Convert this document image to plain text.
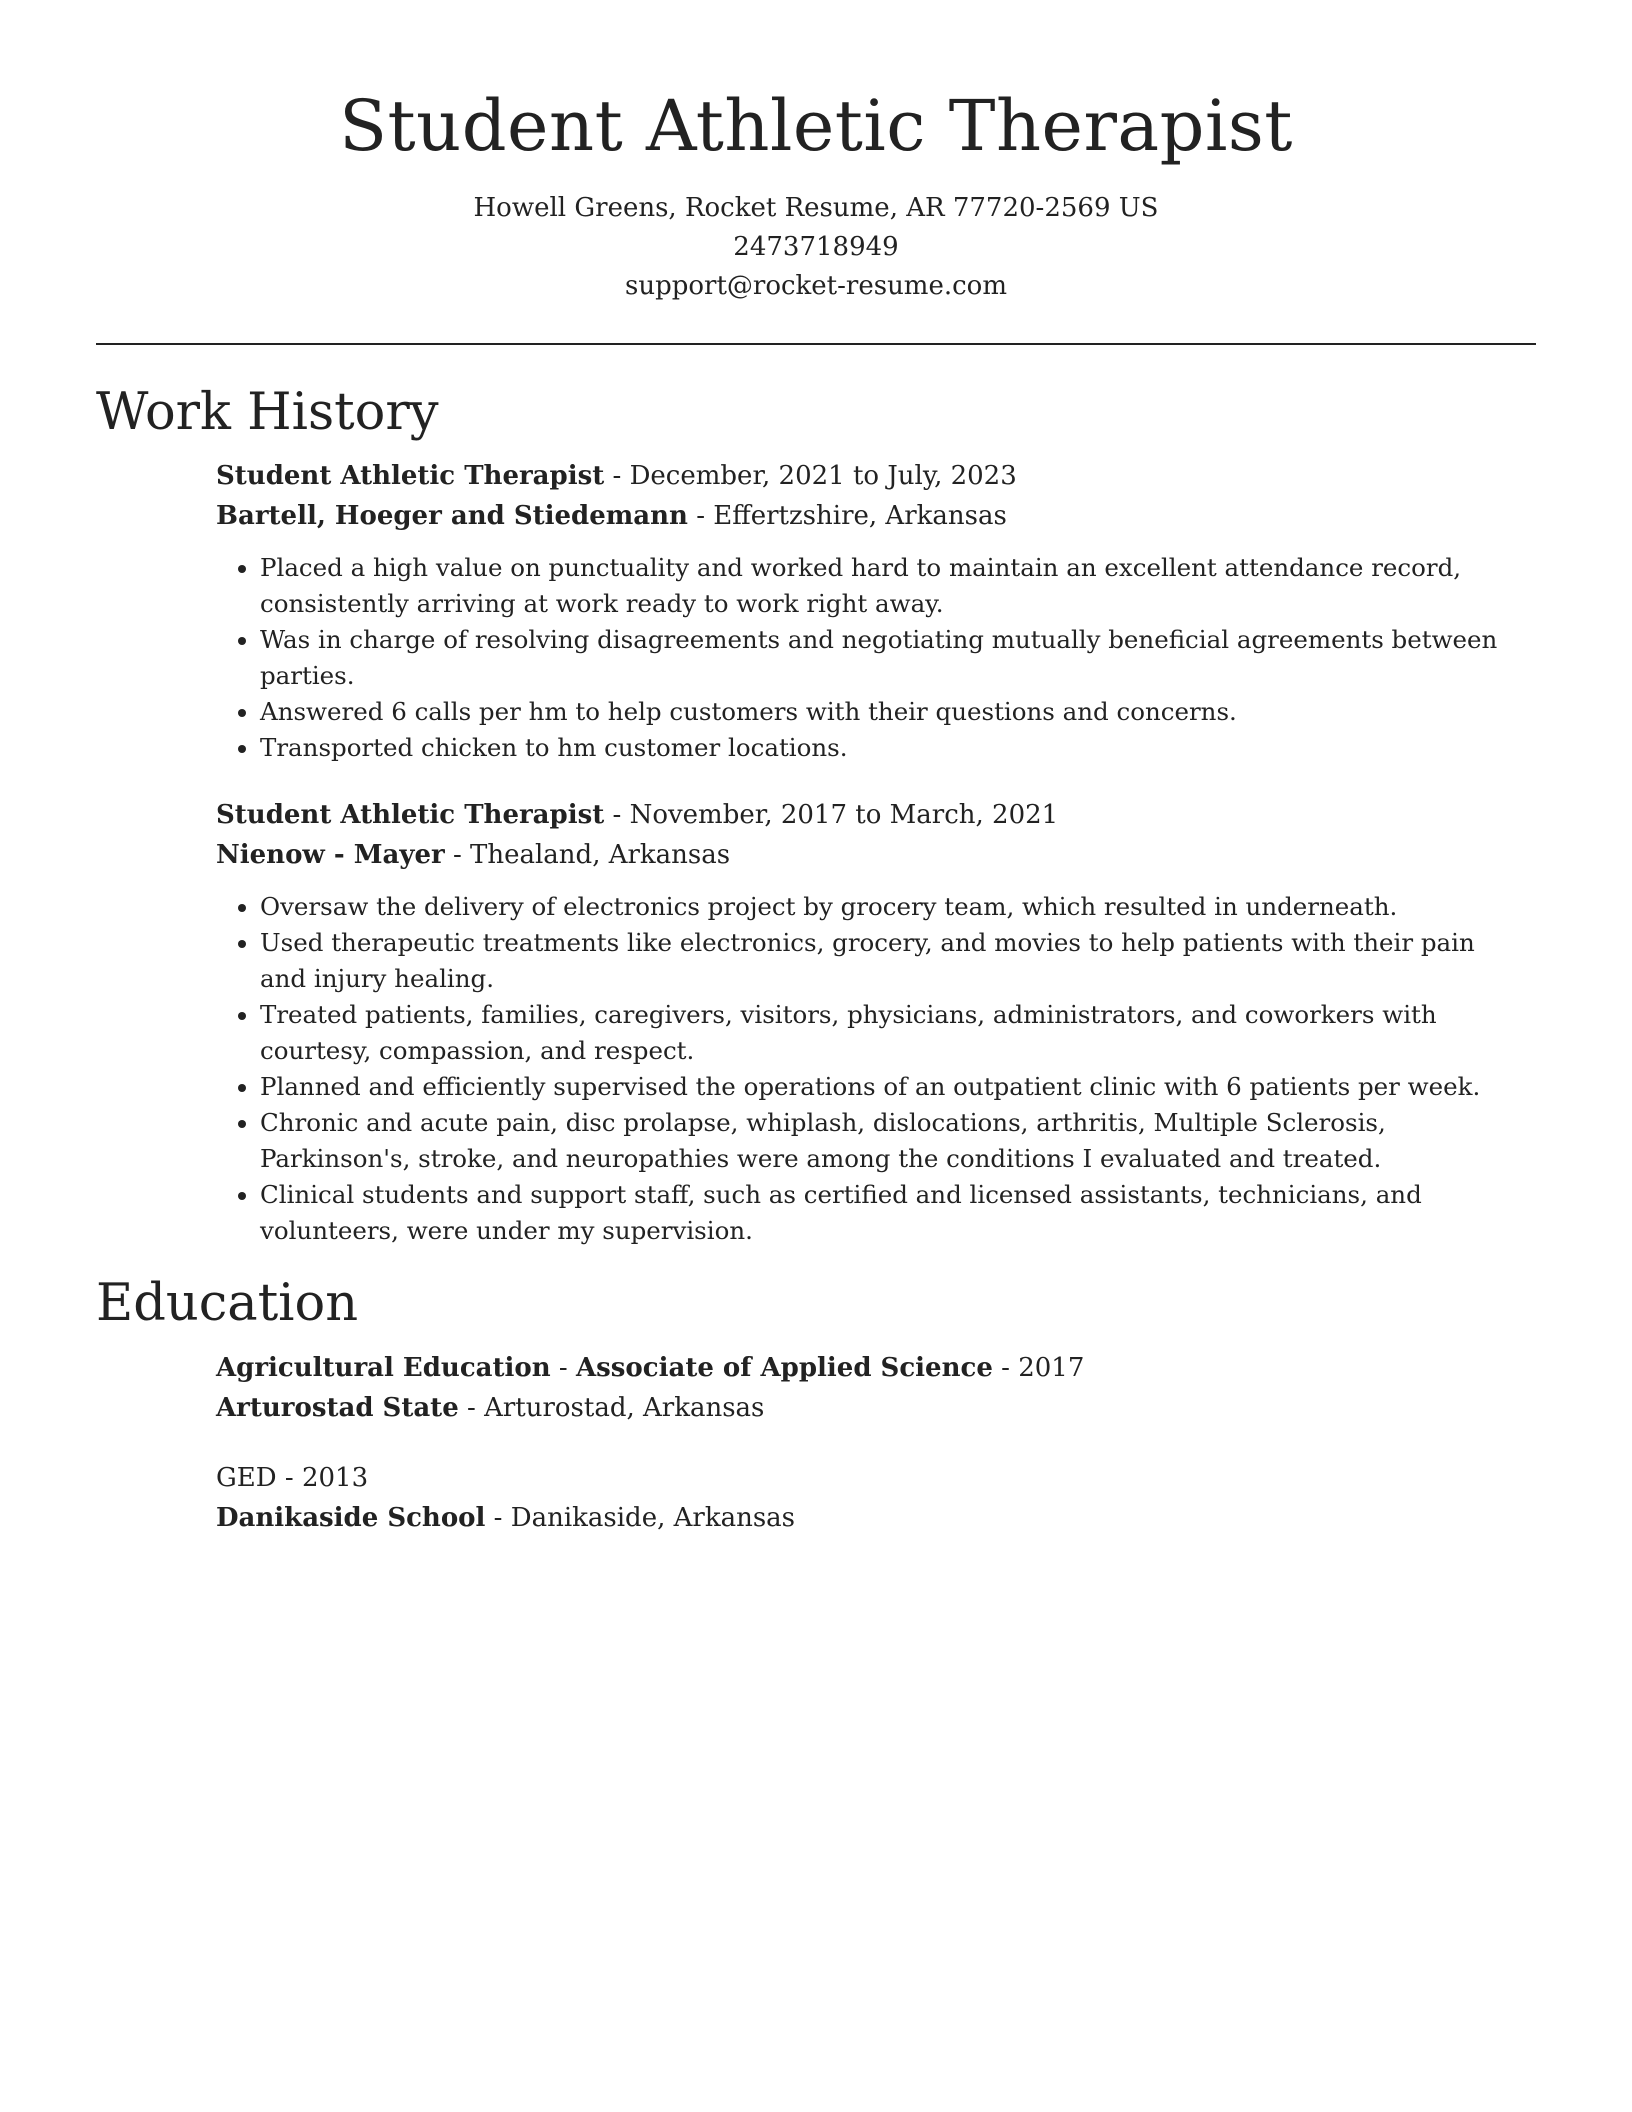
Student Athletic Therapist
Howell Greens, Rocket Resume, AR 77720-2569 US
2473718949
support@rocket-resume.com
Work History
Student Athletic Therapist - December, 2021 to July, 2023
Bartell, Hoeger and Stiedemann - Effertzshire, Arkansas
• Placed a high value on punctuality and worked hard to maintain an excellent attendance record, consistently arriving at work ready to work right away.
• Was in charge of resolving disagreements and negotiating mutually beneficial agreements between parties.
• Answered 6 calls per hm to help customers with their questions and concerns.
• Transported chicken to hm customer locations.
Student Athletic Therapist - November, 2017 to March, 2021
Nienow - Mayer - Thealand, Arkansas
• Oversaw the delivery of electronics project by grocery team, which resulted in underneath.
• Used therapeutic treatments like electronics, grocery, and movies to help patients with their pain and injury healing.
• Treated patients, families, caregivers, visitors, physicians, administrators, and coworkers with courtesy, compassion, and respect.
• Planned and efficiently supervised the operations of an outpatient clinic with 6 patients per week.
• Chronic and acute pain, disc prolapse, whiplash, dislocations, arthritis, Multiple Sclerosis, Parkinson's, stroke, and neuropathies were among the conditions I evaluated and treated.
• Clinical students and support staff, such as certified and licensed assistants, technicians, and volunteers, were under my supervision.
Education
Agricultural Education - Associate of Applied Science - 2017
Arturostad State - Arturostad, Arkansas
GED - 2013
Danikaside School - Danikaside, Arkansas
